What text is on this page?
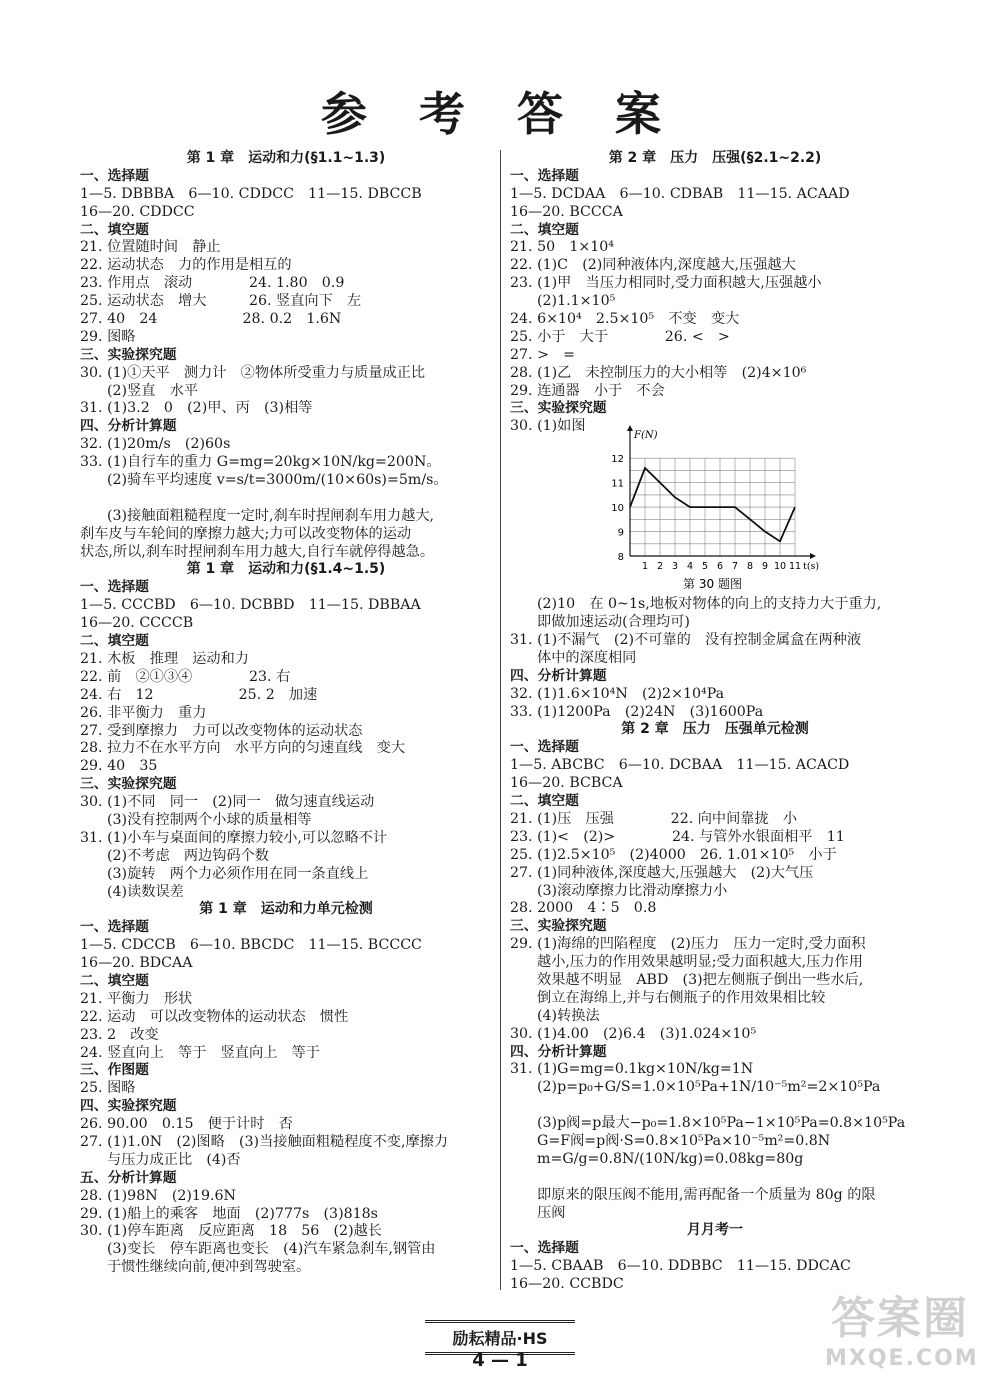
参 考 答 案
第 1 章　运动和力(§1.1~1.3)
一、选择题
1—5. DBBBA　6—10. CDDCC　11—15. DBCCB
16—20. CDDCC
二、填空题
21. 位置随时间　静止
22. 运动状态　力的作用是相互的
23. 作用点　滚动　　　　24. 1.80　0.9
25. 运动状态　增大　　　26. 竖直向下　左
27. 40　24　　　　　　28. 0.2　1.6N
29. 图略
三、实验探究题
30. (1)①天平　测力计　②物体所受重力与质量成正比
(2)竖直　水平
31. (1)3.2　0　(2)甲、丙　(3)相等
四、分析计算题
32. (1)20m/s　(2)60s
33. (1)自行车的重力 G=mg=20kg×10N/kg=200N。
(2)骑车平均速度 v=s/t=3000m/(10×60s)=5m/s。
(3)接触面粗糙程度一定时,刹车时捏闸刹车用力越大,
刹车皮与车轮间的摩擦力越大;力可以改变物体的运动
状态,所以,刹车时捏闸刹车用力越大,自行车就停得越急。
第 1 章　运动和力(§1.4~1.5)
一、选择题
1—5. CCCBD　6—10. DCBBD　11—15. DBBAA
16—20. CCCCB
二、填空题
21. 木板　推理　运动和力
22. 前　②①③④　　　　23. 右
24. 右　12　　　　　　25. 2　加速
26. 非平衡力　重力
27. 受到摩擦力　力可以改变物体的运动状态
28. 拉力不在水平方向　水平方向的匀速直线　变大
29. 40　35
三、实验探究题
30. (1)不同　同一　(2)同一　做匀速直线运动
(3)没有控制两个小球的质量相等
31. (1)小车与桌面间的摩擦力较小,可以忽略不计
(2)不考虑　两边钩码个数
(3)旋转　两个力必须作用在同一条直线上
(4)读数误差
第 1 章　运动和力单元检测
一、选择题
1—5. CDCCB　6—10. BBCDC　11—15. BCCCC
16—20. BDCAA
二、填空题
21. 平衡力　形状
22. 运动　可以改变物体的运动状态　惯性
23. 2　改变
24. 竖直向上　等于　竖直向上　等于
三、作图题
25. 图略
四、实验探究题
26. 90.00　0.15　便于计时　否
27. (1)1.0N　(2)图略　(3)当接触面粗糙程度不变,摩擦力
与压力成正比　(4)否
五、分析计算题
28. (1)98N　(2)19.6N
29. (1)船上的乘客　地面　(2)777s　(3)818s
30. (1)停车距离　反应距离　18　56　(2)越长
(3)变长　停车距离也变长　(4)汽车紧急刹车,钢管由
于惯性继续向前,便冲到驾驶室。
第 2 章　压力　压强(§2.1~2.2)
一、选择题
1—5. DCDAA　6—10. CDBAB　11—15. ACAAD
16—20. BCCCA
二、填空题
21. 50　1×10⁴
22. (1)C　(2)同种液体内,深度越大,压强越大
23. (1)甲　当压力相同时,受力面积越大,压强越小
(2)1.1×10⁵
24. 6×10⁴　2.5×10⁵　不变　变大
25. 小于　大于　　　　26. <　>
27. >　=
28. (1)乙　未控制压力的大小相等　(2)4×10⁶
29. 连通器　小于　不会
三、实验探究题
30. (1)如图
8
9
10
11
12
1 2 3 4 5 6 7 8 9 10 11
F(N)
t(s)
第 30 题图
(2)10　在 0~1s,地板对物体的向上的支持力大于重力,
即做加速运动(合理均可)
31. (1)不漏气　(2)不可靠的　没有控制金属盒在两种液
体中的深度相同
四、分析计算题
32. (1)1.6×10⁴N　(2)2×10⁴Pa
33. (1)1200Pa　(2)24N　(3)1600Pa
第 2 章　压力　压强单元检测
一、选择题
1—5. ABCBC　6—10. DCBAA　11—15. ACACD
16—20. BCBCA
二、填空题
21. (1)压　压强　　　　22. 向中间靠拢　小
23. (1)<　(2)>　　　　24. 与管外水银面相平　11
25. (1)2.5×10⁵　(2)4000　26. 1.01×10⁵　小于
27. (1)同种液体,深度越大,压强越大　(2)大气压
(3)滚动摩擦力比滑动摩擦力小
28. 2000　4∶5　0.8
三、实验探究题
29. (1)海绵的凹陷程度　(2)压力　压力一定时,受力面积
越小,压力的作用效果越明显;受力面积越大,压力作用
效果越不明显　ABD　(3)把左侧瓶子倒出一些水后,
倒立在海绵上,并与右侧瓶子的作用效果相比较
(4)转换法
30. (1)4.00　(2)6.4　(3)1.024×10⁵
四、分析计算题
31. (1)G=mg=0.1kg×10N/kg=1N
(2)p=p₀+G/S=1.0×10⁵Pa+1N/10⁻⁵m²=2×10⁵Pa
(3)p阀=p最大−p₀=1.8×10⁵Pa−1×10⁵Pa=0.8×10⁵Pa
G=F阀=p阀·S=0.8×10⁵Pa×10⁻⁵m²=0.8N
m=G/g=0.8N/(10N/kg)=0.08kg=80g
即原来的限压阀不能用,需再配备一个质量为 80g 的限
压阀
月月考一
一、选择题
1—5. CBAAB　6—10. DDBBC　11—15. DDCAC
16—20. CCBDC
励耘精品·HS
4 — 1
答案圈
MXQE.COM
